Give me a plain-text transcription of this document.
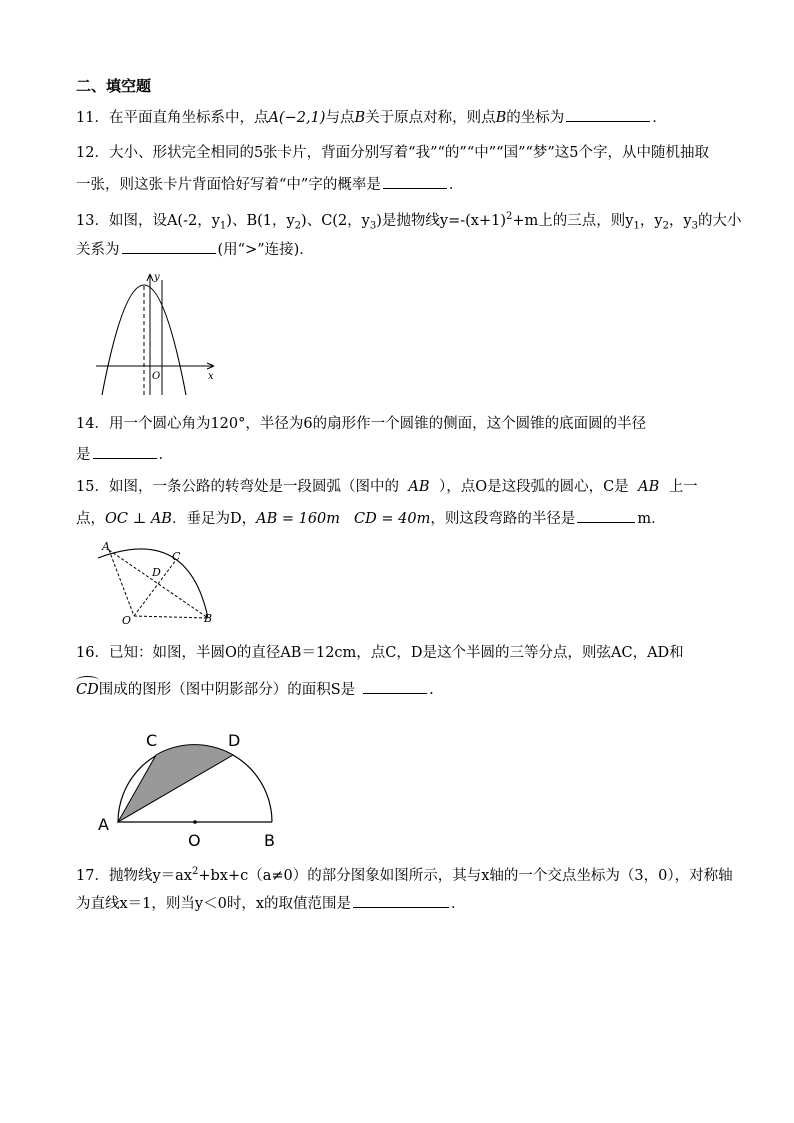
二、填空题
11．在平面直角坐标系中，点A(−2,1)与点B关于原点对称，则点B的坐标为	．
12．大小、形状完全相同的5张卡片，背面分别写着“我”“的”“中”“国”“梦”这5个字，从中随机抽取
一张，则这张卡片背面恰好写着“中”字的概率是	．
13．如图，设A(-2，$y_1$)、B(1，$y_2$)、C(2，$y_3$)是抛物线$y=-(x+1)^2+m$上的三点，则$y_1$，$y_2$，$y_3$的大小
关系为	(用“>”连接)．
y
O	x
14．用一个圆心角为120°，半径为6的扇形作一个圆锥的侧面，这个圆锥的底面圆的半径
是	．
15．如图，一条公路的转弯处是一段圆弧（图中的 AB ），点O是这段弧的圆心，C是 AB 上一
点，OC ⊥ AB．垂足为D，AB = 160m CD = 40m，则这段弯路的半径是	m．
A
C
D
O	B
16．已知：如图，半圆O的直径AB＝12cm，点C，D是这个半圆的三等分点，则弦AC，AD和
CD
围成的图形（图中阴影部分）的面积S是	.
C	D
A
O	B
17．抛物线$y=ax^2+bx+c(a\ne 0)$的部分图象如图所示，其与x轴的一个交点坐标为（3，0），对称轴
为直线x＝1，则当y＜0时，x的取值范围是	．
